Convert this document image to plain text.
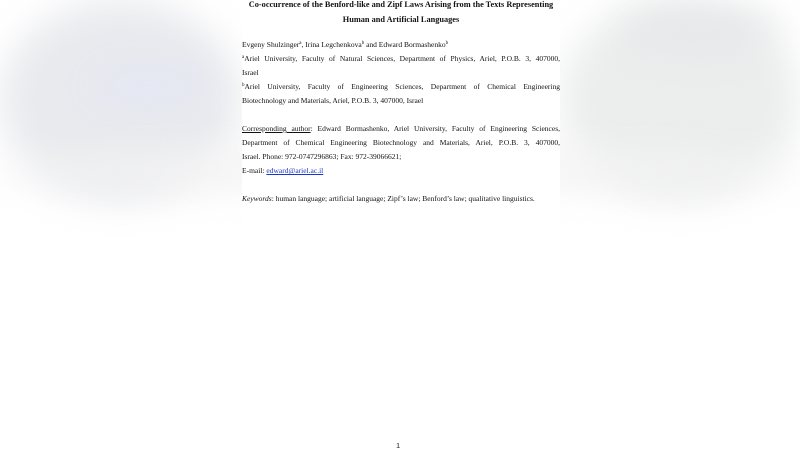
Co-occurrence of the Benford-like and Zipf Laws Arising from the Texts Representing
Human and Artificial Languages
Evgeny Shulzinger$^a$, Irina Legchenkova$^b$ and Edward Bormashenko$^b$
$^a$Ariel University, Faculty of Natural Sciences, Department of Physics, Ariel, P.O.B. 3, 407000,
Israel
$^b$Ariel University, Faculty of Engineering Sciences, Department of Chemical Engineering
Biotechnology and Materials, Ariel, P.O.B. 3, 407000, Israel
Corresponding author: Edward Bormashenko, Ariel University, Faculty of Engineering Sciences,
Department of Chemical Engineering Biotechnology and Materials, Ariel, P.O.B. 3, 407000,
Israel. Phone: 972-0747296863; Fax: 972-39066621;
E-mail: edward@ariel.ac.il
Keywords: human language; artificial language; Zipf’s law; Benford’s law; qualitative linguistics.
1
